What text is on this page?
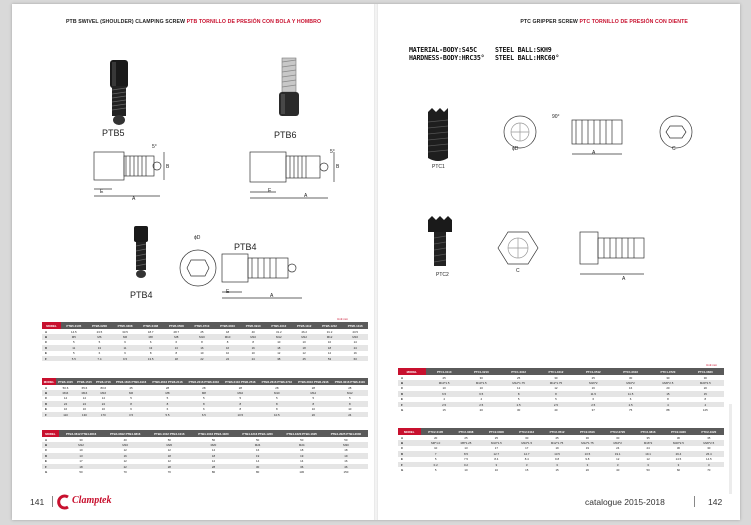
PTB SWIVEL (SHOULDER) CLAMPING SCREW PTB TORNILLO DE PRESIÓN CON BOLA Y HOMBRO	PTC GRIPPER SCREW PTC TORNILLO DE PRESIÓN CON DIENTE
MATERIAL-BODY:S45C	STEEL BALL:SKH9
HARDNESS-BODY:HRC35° STEEL BALL:HRC60°
PTB5	PTB6
E
A
B
5°
E
A
B
5°
PTB4
ϕD
PTB4
E
A
PTC1
ϕD
A
C
90°
PTC2
C
A
Unit:mm
MODEL	PTB5-0105	PTB5-0208	PTB5-0308	PTB5-0408	PTB5-0508	PTB5-0710	PTB5-0810	PTB5-0910	PTB5-1012	PTB5-1112	PTB5-1212	PTB5-1316
A	14.5	23.5	33.5	18.7	28.7	25	18	40	31.2	46.2	31.2	43.5
B	M5	M6	M6	M8	M8	M10	M10	M10	M12	M12	M12	M16
C	5	5	6	6	6	8	8	8	10	10	10	14
D	11	13	11	13	13	16	16	16	18	18	18	24
E	5	6	6	8	8	10	10	10	12	12	12	16
F	5.5	7.4	9.5	13.5	18	22	24	24	38	45	53	63
MODEL	PTB6-1315	PTB6-1515	PTB6-1716	PTB6-1816 PTB6-1916	PTB6-2016 PTB6-2116	PTB6-2216 PTB6-2316	PTB6-2416 PTB6-2516	PTB6-2616 PTB6-2716	PTB6-2816 PTB6-2916	PTB6-3016 PTB6-3116
A	50.6	65.6	80.6	25	28	28	28	28	28	28
B	M16	M16	M16	M6	M8	M8	M10	M10	M12	M12
C	14	14	14	5	5	5	5	5	5	5
D	24	24	24	8	8	8	8	8	8	8
E	16	16	16	6	6	6	8	8	10	10
F	110	130	170	3.5	5.5	6.5	10.5	10.5	20	24
MODEL	PTB4-0612 PTB4-0616	PTB4-0812 PTB4-0816	PTB4-1012 PTB4-1016	PTB4-1016 PTB4-1020	PTB4-1216 PTB4-1220	PTB4-1620 PTB4-1625	PTB4-2025 PTB4-2030
A	30	40	50	50	50	50	50
B	M12	M16	M20	M20	M24	M24	M30
C	10	12	12	14	16	18	18
D	13	16	18	18	19	19	19
E	17	12	12	12	14	14	16
F	18	22	28	28	30	36	46
G	50	70	70	80	80	130	150
Unit:mm
MODEL	PTC1-0110	PTC1-0210	PTC1-0312	PTC1-0412	PTC1-0512	PTC1-0616	PTC1-0720	PTC1-0820
A	25	30	25	30	25	30	30	30
B	M10*1.5	M10*1.5	M12*1.75	M12*1.75	M16*2	M16*2	M20*2.5	M20*2.5
C	10	10	12	12	16	16	20	20
D	6.5	6.5	8	8	11.5	11.5	15	15
E	4	4	5	5	6	6	8	8
F	2.5	2.5	2.5	2.5	2.5	2.5	4	4
G	15	20	30	40	37	75	88	125
MODEL	PTC2-0105	PTC2-0208	PTC2-0308	PTC2-0412	PTC2-0512	PTC2-0616	PTC2-0720	PTC2-0816	PTC2-0920	PTC2-1020
A	20	25	25	30	25	30	30	35	30	35
B	M6*1.0	M8*1.25	M10*1.5	M10*1.5	M12*1.75	M12*1.75	M16*2	M16*2	M20*2.5	M20*2.5
C	10	13	17	17	19	19	24	24	30	30
D	7	8.5	12.7	12.7	13.5	13.5	19.1	19.1	26.4	26.4
E	5	7.5	8.4	8.4	9.8	9.8	12	12	14.5	14.5
F	0.2	0.2	3	3	3	3	3	3	3	3
G	5	10	10	15	15	20	40	50	60	70
141	Clamptek	catalogue 2015-2018	142
